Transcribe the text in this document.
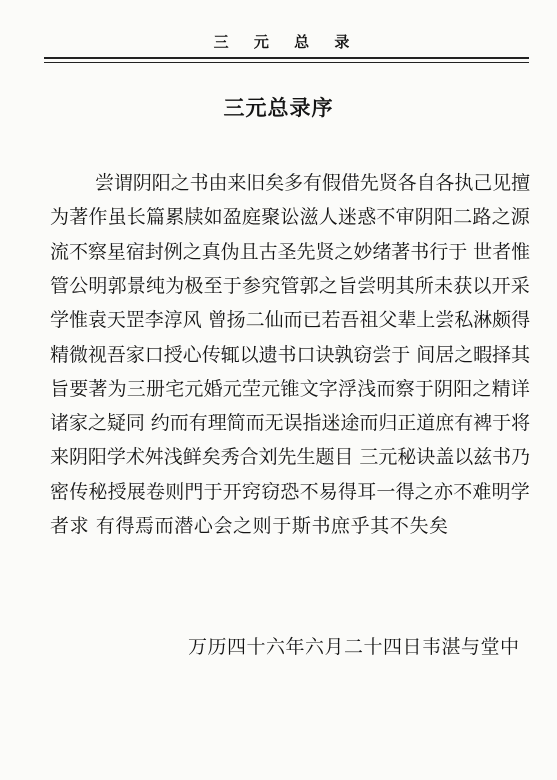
三 元 总 录
三元总录序
尝谓阴阳之书由来旧矣多有假借先贤各自各执己见擅
为著作虽长篇累牍如盈庭聚讼滋人迷惑不审阴阳二路之源
流不察星宿封例之真伪且古圣先贤之妙绪著书行于 世者惟
管公明郭景纯为极至于参究管郭之旨尝明其所未获以开采
学惟袁天罡李淳风 曾扬二仙而已若吾祖父辈上尝私淋颇得
精微视吾家口授心传辄以遗书口诀孰窃尝于 间居之暇择其
旨要著为三册宅元婚元茔元锥文字浮浅而察于阴阳之精详
诸家之疑同 约而有理简而无误指迷途而归正道庶有裨于将
来阴阳学术舛浅鲜矣秀合刘先生题目 三元秘诀盖以兹书乃
密传秘授展卷则門于开窍窃恐不易得耳一得之亦不难明学
者求 有得焉而潜心会之则于斯书庶乎其不失矣
万历四十六年六月二十四日韦湛与堂中
